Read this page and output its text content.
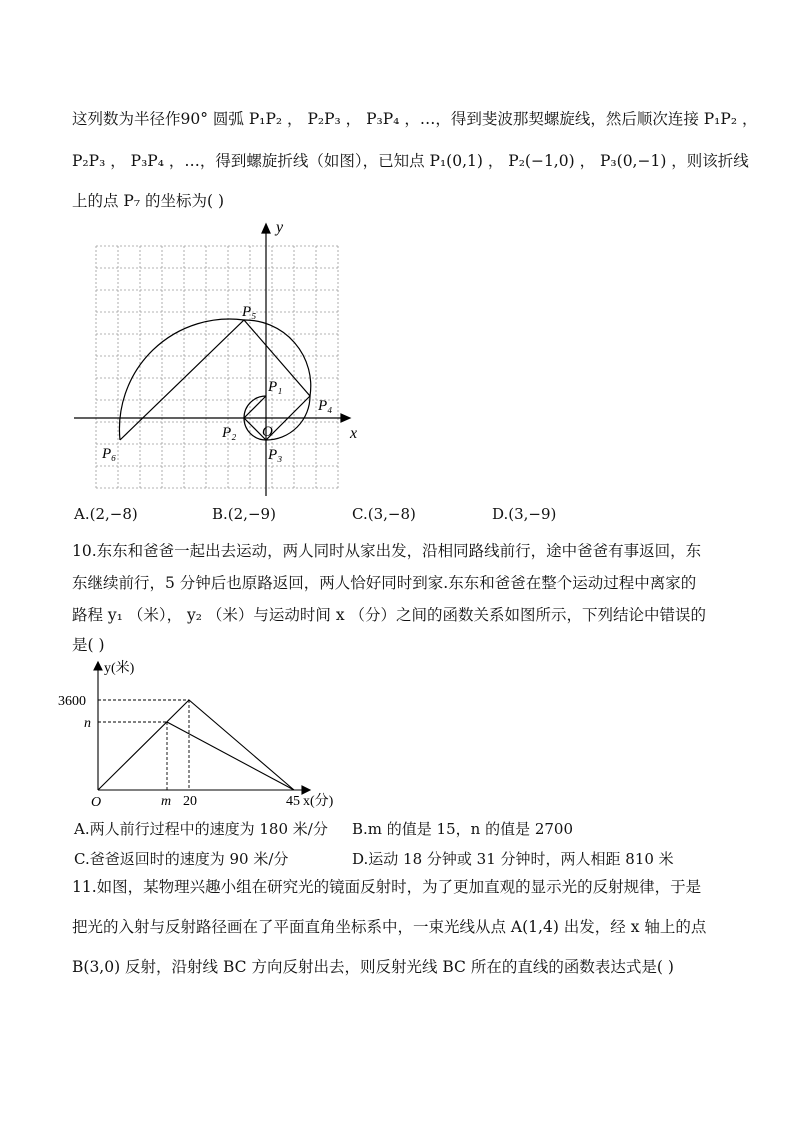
这列数为半径作90° 圆弧 P₁P₂ ， P₂P₃ ， P₃P₄ ，…，得到斐波那契螺旋线，然后顺次连接 P₁P₂ ，
P₂P₃ ， P₃P₄ ，…，得到螺旋折线（如图），已知点 P₁(0,1) ， P₂(−1,0) ， P₃(0,−1) ，则该折线
上的点 P₇ 的坐标为( )
y
x
O
P₁
P₂
P₃
P₄
P₅
P₆
A.(2,−8)	B.(2,−9)	C.(3,−8)	D.(3,−9)
10.东东和爸爸一起出去运动，两人同时从家出发，沿相同路线前行，途中爸爸有事返回，东
东继续前行，5 分钟后也原路返回，两人恰好同时到家.东东和爸爸在整个运动过程中离家的
路程 y₁ （米）， y₂ （米）与运动时间 x （分）之间的函数关系如图所示，下列结论中错误的
是( )
y(米)
3600
n
O	m 20	45 x(分)
A.两人前行过程中的速度为 180 米/分 B.m 的值是 15，n 的值是 2700
C.爸爸返回时的速度为 90 米/分	D.运动 18 分钟或 31 分钟时，两人相距 810 米
11.如图，某物理兴趣小组在研究光的镜面反射时，为了更加直观的显示光的反射规律，于是
把光的入射与反射路径画在了平面直角坐标系中，一束光线从点 A(1,4) 出发，经 x 轴上的点
B(3,0) 反射，沿射线 BC 方向反射出去，则反射光线 BC 所在的直线的函数表达式是( )
